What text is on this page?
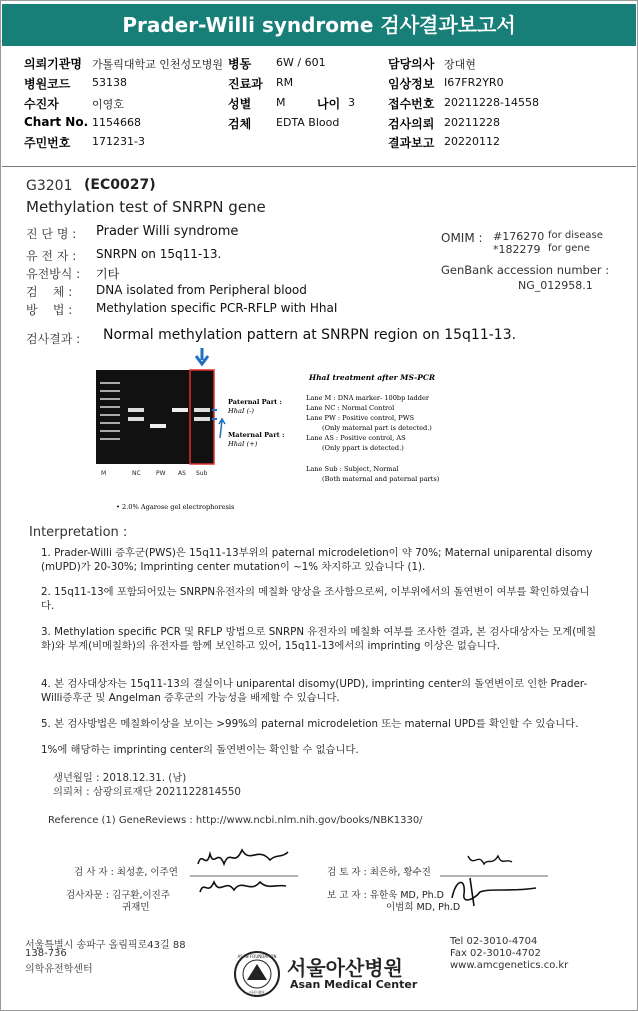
Prader-Willi syndrome 검사결과보고서
의뢰기관명 가톨릭대학교 인천성모병원 병동 6W / 601	담당의사 장대현
병원코드 53138	진료과 RM	임상정보 I67FR2YR0
수진자	이영호	성별 M	나이 3	접수번호 20211228-14558
Chart No. 1154668	검체 EDTA Blood	검사의뢰 20211228
주민번호 171231-3	결과보고 20220112
G3201 (EC0027)
Methylation test of SNRPN gene
진 단 명 : Prader Willi syndrome
유 전 자 : SNRPN on 15q11-13.
유전방식 : 기타
검    체 : DNA isolated from Peripheral blood
방    법 : Methylation specific PCR-RFLP with HhaI
OMIM : #176270 for disease
*182279 for gene
GenBank accession number :
NG_012958.1
검사결과 : Normal methylation pattern at SNRPN region on 15q11-13.
M	NC	PW AS Sub
Paternal Part :
HhaI (-)
Maternal Part :
HhaI (+)
• 2.0% Agarose gel electrophoresis
HhaI treatment after MS-PCR
Lane M : DNA marker- 100bp ladder
Lane NC : Normal Control
Lane PW : Positive control, PWS
(Only maternal part is detected.)
Lane AS : Positive control, AS
(Only ppart is detected.)
Lane Sub : Subject, Normal
(Both maternal and paternal parts)
Interpretation :
1. Prader-Willi 증후군(PWS)은 15q11-13부위의 paternal microdeletion이 약 70%; Maternal uniparental disomy (mUPD)가 20-30%; Imprinting center mutation이 ~1% 차지하고 있습니다 (1).
2. 15q11-13에 포함되어있는 SNRPN유전자의 메칠화 양상을 조사함으로써, 이부위에서의 돌연변이 여부를 확인하였습니다.
3. Methylation specific PCR 및 RFLP 방법으로 SNRPN 유전자의 메칠화 여부를 조사한 결과, 본 검사대상자는 모계(메칠화)와 부계(비메칠화)의 유전자를 함께 보인하고 있어, 15q11-13에서의 imprinting 이상은 없습니다.
4. 본 검사대상자는 15q11-13의 결실이나 uniparental disomy(UPD), imprinting center의 돌연변이로 인한 Prader-Willi증후군 및 Angelman 증후군의 가능성을 배제할 수 있습니다.
5. 본 검사방법은 메칠화이상을 보이는 >99%의 paternal microdeletion 또는 maternal UPD를 확인할 수 있습니다.
1%에 해당하는 imprinting center의 돌연변이는 확인할 수 없습니다.
생년월일 : 2018.12.31. (남)
의뢰처 : 삼광의료재단 2021122814550
Reference (1) GeneReviews : http://www.ncbi.nlm.nih.gov/books/NBK1330/
검 사 자 : 최성훈, 이주연
검사자문 : 김구환,이진주
귀재민
검 토 자 : 최은하, 황수진
보 고 자 : 유한욱 MD, Ph.D
이범희 MD, Ph.D
서울특별시 송파구 올림픽로43길 88
138-736
의학유전학센터
ASAN FOUNDATION
아산재단
서울아산병원
Asan Medical Center
Tel 02-3010-4704
Fax 02-3010-4702
www.amcgenetics.co.kr
